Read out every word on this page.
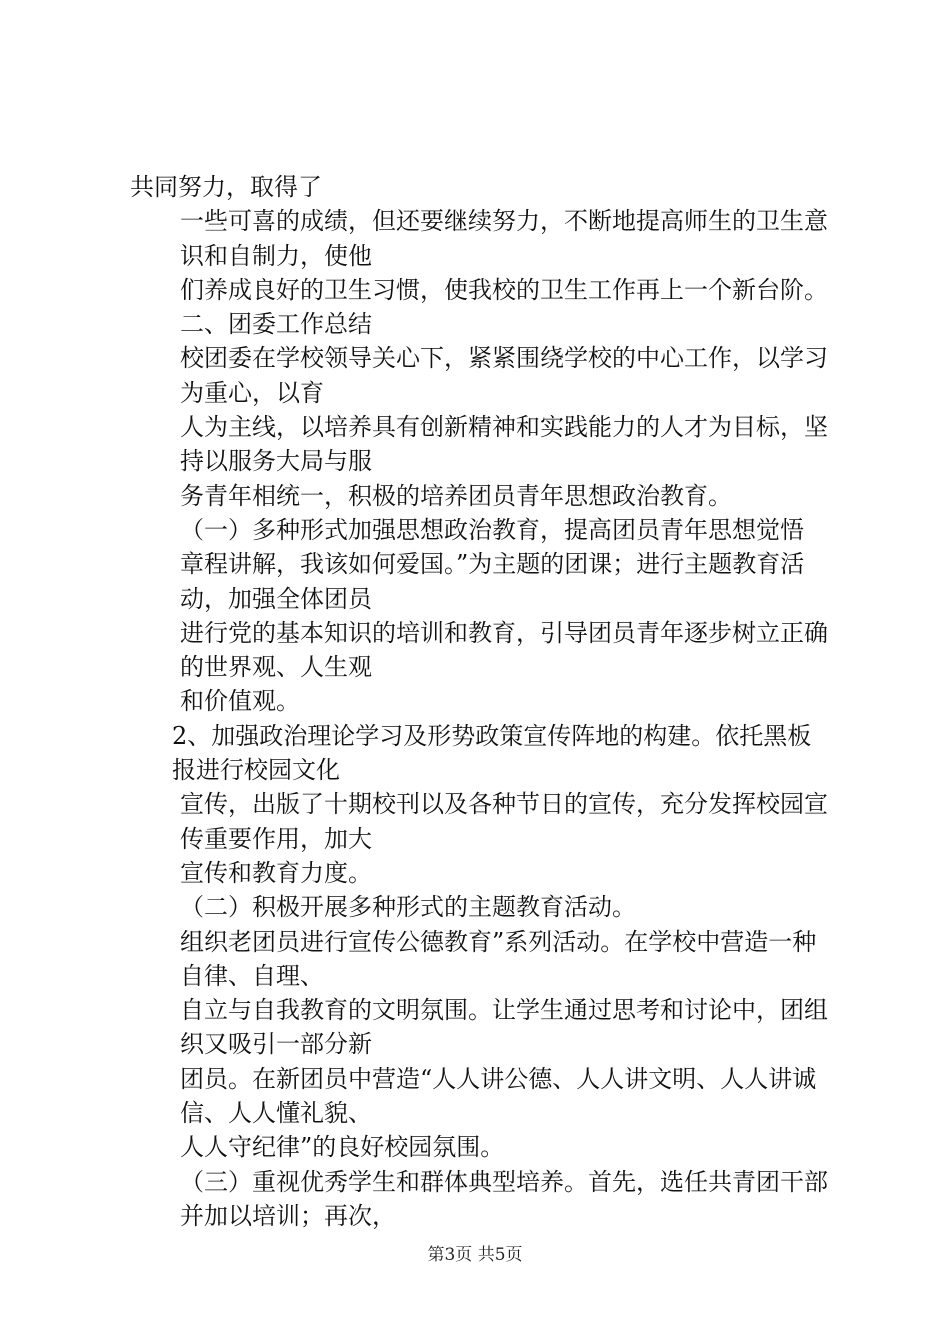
共同努力，取得了

一些可喜的成绩，但还要继续努力，不断地提高师生的卫生意识和自制力，使他

们养成良好的卫生习惯，使我校的卫生工作再上一个新台阶。

二、团委工作总结

校团委在学校领导关心下，紧紧围绕学校的中心工作，以学习为重心，以育

人为主线，以培养具有创新精神和实践能力的人才为目标，坚持以服务大局与服

务青年相统一，积极的培养团员青年思想政治教育。

（一）多种形式加强思想政治教育，提高团员青年思想觉悟

章程讲解，我该如何爱国。”为主题的团课；进行主题教育活动，加强全体团员

进行党的基本知识的培训和教育，引导团员青年逐步树立正确的世界观、人生观

和价值观。

2、加强政治理论学习及形势政策宣传阵地的构建。依托黑板报进行校园文化

宣传，出版了十期校刊以及各种节日的宣传，充分发挥校园宣传重要作用，加大

宣传和教育力度。

（二）积极开展多种形式的主题教育活动。

组织老团员进行宣传公德教育”系列活动。在学校中营造一种自律、自理、

自立与自我教育的文明氛围。让学生通过思考和讨论中，团组织又吸引一部分新

团员。在新团员中营造“人人讲公德、人人讲文明、人人讲诚信、人人懂礼貌、

人人守纪律”的良好校园氛围。

（三）重视优秀学生和群体典型培养。首先，选任共青团干部并加以培训；再次，

第3页 共5页
